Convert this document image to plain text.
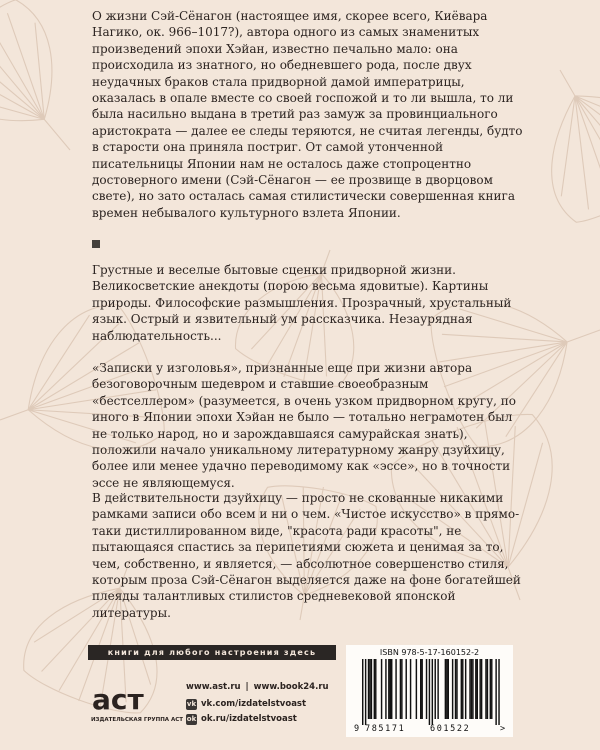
О жизни Сэй-Сёнагон (настоящее имя, скорее всего, Киёвара Нагико, ок. 966–1017?), автора одного из самых знаменитых произведений эпохи Хэйан, известно печально мало: она происходила из знатного, но обедневшего рода, после двух неудачных браков стала придворной дамой императрицы, оказалась в опале вместе со своей госпожой и то ли вышла, то ли была насильно выдана в третий раз замуж за провинциального аристократа — далее ее следы теряются, не считая легенды, будто в старости она приняла постриг. От самой утонченной писательницы Японии нам не осталось даже стопроцентно достоверного имени (Сэй-Сёнагон — ее прозвище в дворцовом свете), но зато осталась самая стилистически совершенная книга времен небывалого культурного взлета Японии.

Грустные и веселые бытовые сценки придворной жизни. Великосветские анекдоты (порою весьма ядовитые). Картины природы. Философские размышления. Прозрачный, хрустальный язык. Острый и язвительный ум рассказчика. Незаурядная наблюдательность...

«Записки у изголовья», признанные еще при жизни автора безоговорочным шедевром и ставшие своеобразным «бестселлером» (разумеется, в очень узком придворном кругу, по иного в Японии эпохи Хэйан не было — тотально неграмотен был не только народ, но и зарождавшаяся самурайская знать), положили начало уникальному литературному жанру дзуйхицу, более или менее удачно переводимому как «эссе», но в точности эссе не являющемуся.

В действительности дзуйхицу — просто не скованные никакими рамками записи обо всем и ни о чем. «Чистое искусство» в прямотаки дистиллированном виде, "красота ради красоты", не пытающаяся спастись за перипетиями сюжета и ценимая за то, чем, собственно, и является, — абсолютное совершенство стиля, которым проза Сэй-Сёнагон выделяется даже на фоне богатейшей плеяды талантливых стилистов средневековой японской литературы.

книги для любого настроения здесь
аст
ИЗДАТЕЛЬСКАЯ ГРУППА АСТ
www.ast.ru | www.book24.ru
vk vk.com/izdatelstvoast
ok ok.ru/izdatelstvoast
ISBN 978-5-17-160152-2
9 785171	601522	>
